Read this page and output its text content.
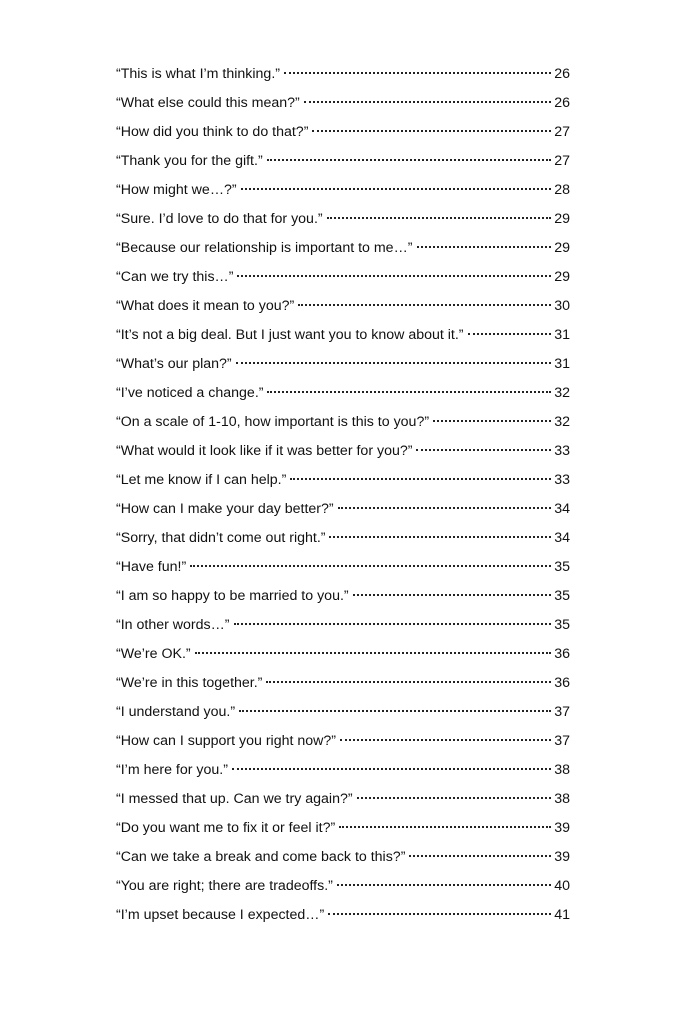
“This is what I’m thinking.”	26
“What else could this mean?”	26
“How did you think to do that?”	27
“Thank you for the gift.”	27
“How might we…?”	28
“Sure. I’d love to do that for you.”	29
“Because our relationship is important to me…”	29
“Can we try this…”	29
“What does it mean to you?”	30
“It’s not a big deal. But I just want you to know about it.”	31
“What’s our plan?”	31
“I’ve noticed a change.”	32
“On a scale of 1-10, how important is this to you?”	32
“What would it look like if it was better for you?”	33
“Let me know if I can help.”	33
“How can I make your day better?”	34
“Sorry, that didn’t come out right.”	34
“Have fun!”	35
“I am so happy to be married to you.”	35
“In other words…”	35
“We’re OK.”	36
“We’re in this together.”	36
“I understand you.”	37
“How can I support you right now?”	37
“I’m here for you.”	38
“I messed that up. Can we try again?”	38
“Do you want me to fix it or feel it?”	39
“Can we take a break and come back to this?”	39
“You are right; there are tradeoffs.”	40
“I’m upset because I expected…”	41
